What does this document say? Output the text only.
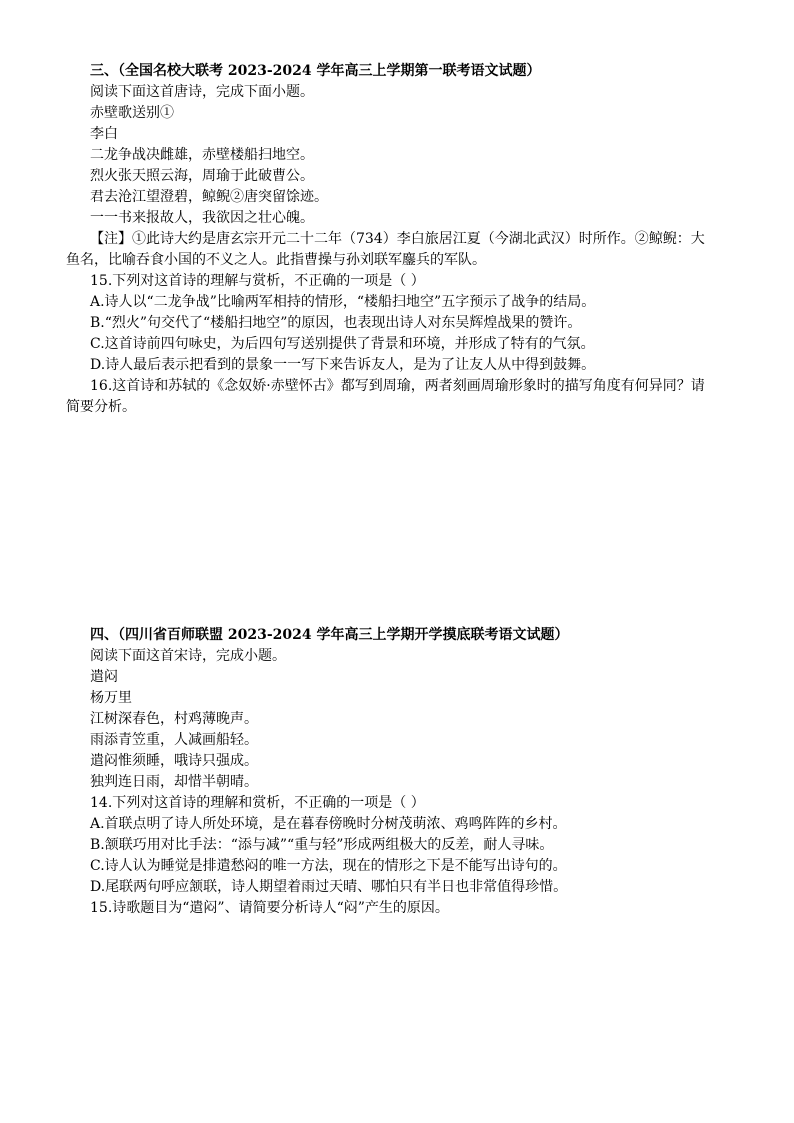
三、（全国名校大联考 2023-2024 学年高三上学期第一联考语文试题）
阅读下面这首唐诗，完成下面小题。
赤壁歌送别①
李白
二龙争战决雌雄，赤壁楼船扫地空。
烈火张天照云海，周瑜于此破曹公。
君去沧江望澄碧，鲸鲵②唐突留馀迹。
一一书来报故人，我欲因之壮心魄。
【注】①此诗大约是唐玄宗开元二十二年（734）李白旅居江夏（今湖北武汉）时所作。②鲸鲵：大鱼名，比喻吞食小国的不义之人。此指曹操与孙刘联军鏖兵的军队。
15.下列对这首诗的理解与赏析，不正确的一项是（ ）
A.诗人以“二龙争战”比喻两军相持的情形，“楼船扫地空”五字预示了战争的结局。
B.“烈火”句交代了“楼船扫地空”的原因，也表现出诗人对东吴辉煌战果的赞许。
C.这首诗前四句咏史，为后四句写送别提供了背景和环境，并形成了特有的气氛。
D.诗人最后表示把看到的景象一一写下来告诉友人，是为了让友人从中得到鼓舞。
16.这首诗和苏轼的《念奴娇·赤壁怀古》都写到周瑜，两者刻画周瑜形象时的描写角度有何异同？请简要分析。
四、（四川省百师联盟 2023-2024 学年高三上学期开学摸底联考语文试题）
阅读下面这首宋诗，完成小题。
遣闷
杨万里
江树深春色，村鸡薄晚声。
雨添青笠重，人减画船轻。
遣闷惟须睡，哦诗只强成。
独判连日雨，却惜半朝晴。
14.下列对这首诗的理解和赏析，不正确的一项是（ ）
A.首联点明了诗人所处环境，是在暮春傍晚时分树茂萌浓、鸡鸣阵阵的乡村。
B.颔联巧用对比手法：“添与减”“重与轻”形成两组极大的反差，耐人寻味。
C.诗人认为睡觉是排遣愁闷的唯一方法，现在的情形之下是不能写出诗句的。
D.尾联两句呼应颔联，诗人期望着雨过天晴、哪怕只有半日也非常值得珍惜。
15.诗歌题目为“遣闷”、请简要分析诗人“闷”产生的原因。
